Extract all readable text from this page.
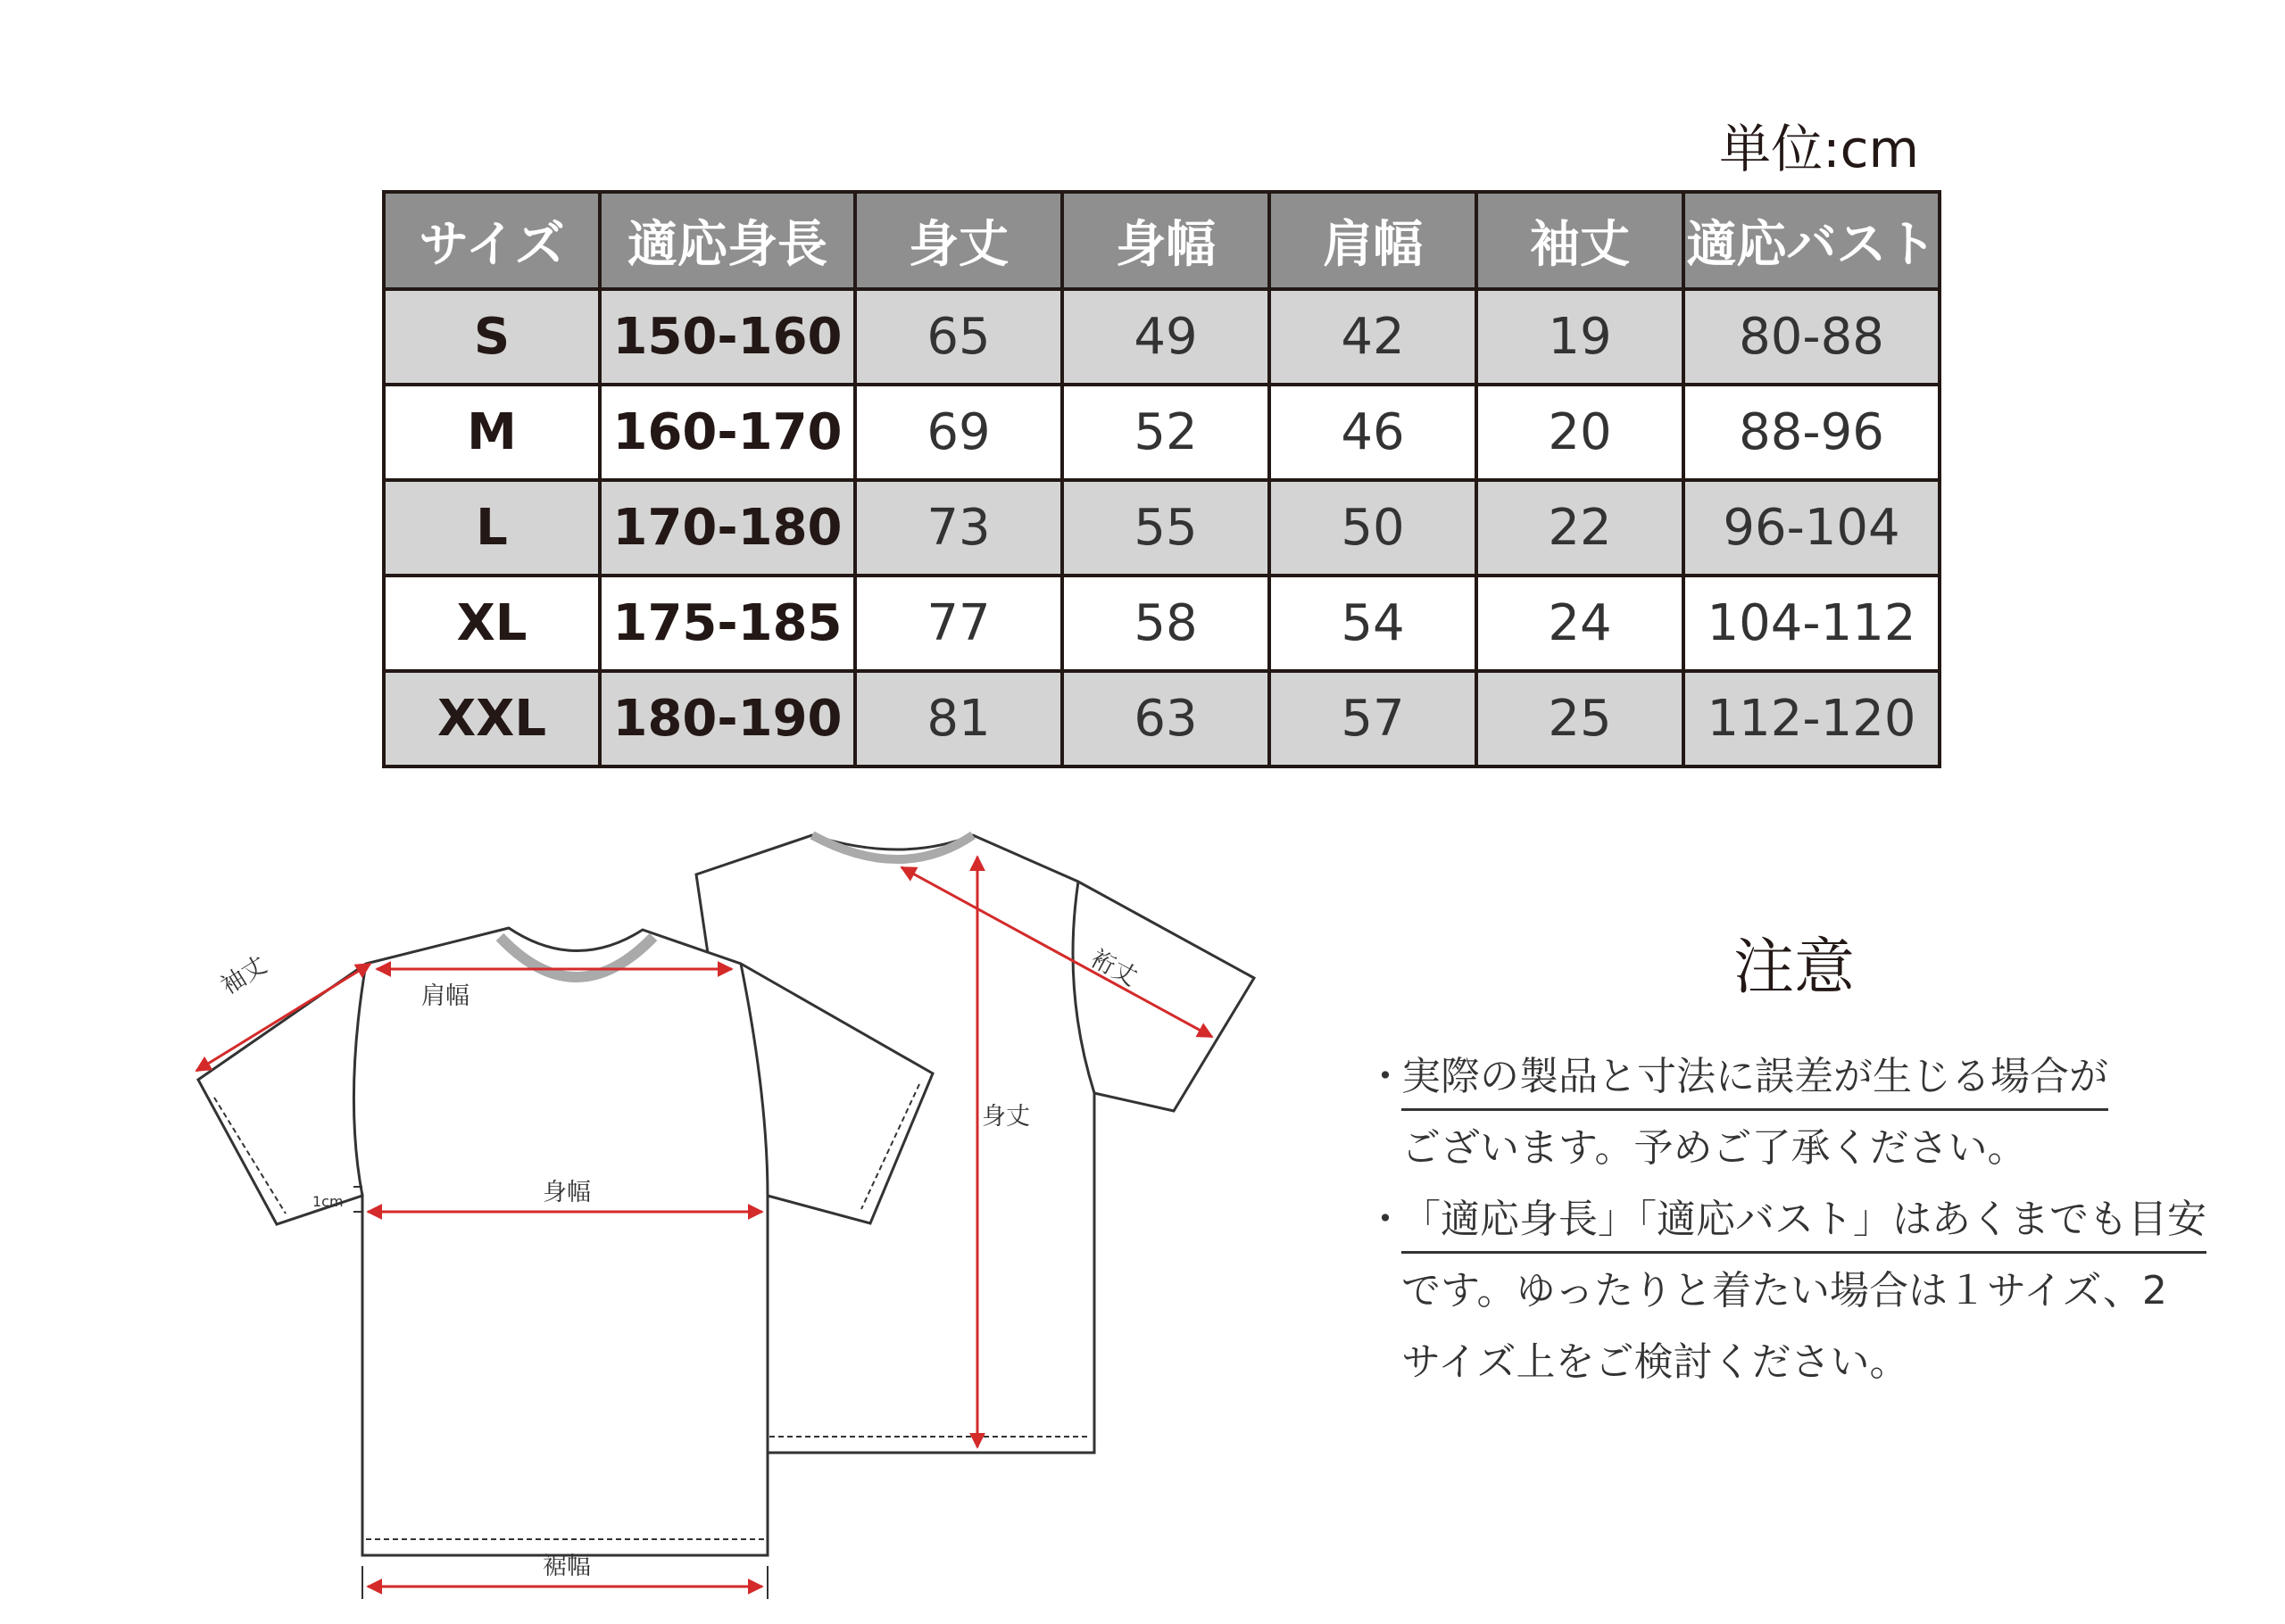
単位:cm
サイズ	適応身長	身丈	身幅	肩幅	袖丈	適応バスト
S	150-160	65	49	42	19	80-88
M	160-170	69	52	46	20	88-96
L	170-180	73	55	50	22	96-104
XL	175-185	77	58	54	24	104-112
XXL	180-190	81	63	57	25	112-120
袖丈	肩幅
身幅
裾幅
1cm
身丈
裄丈	注意
・
実際の製品と寸法に誤差が生じる場合が
ございます。予めご了承ください。
・
「適応身長」「適応バスト」はあくまでも目安
です。ゆったりと着たい場合は１サイズ、2
サイズ上をご検討ください。
